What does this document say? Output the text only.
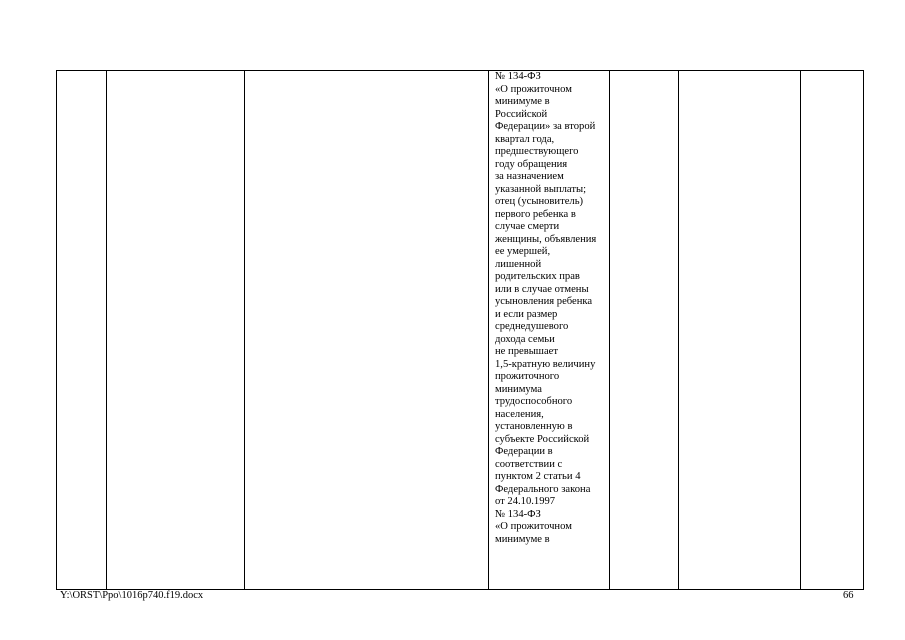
№ 134-ФЗ
«О прожиточном
минимуме в
Российской
Федерации» за второй
квартал года,
предшествующего
году обращения
за назначением
указанной выплаты;
отец (усыновитель)
первого ребенка в
случае смерти
женщины, объявления
ее умершей,
лишенной
родительских прав
или в случае отмены
усыновления ребенка
и если размер
среднедушевого
дохода семьи
не превышает
1,5-кратную величину
прожиточного
минимума
трудоспособного
населения,
установленную в
субъекте Российской
Федерации в
соответствии с
пунктом 2 статьи 4
Федерального закона
от 24.10.1997
№ 134-ФЗ
«О прожиточном
минимуме в

Y:\ORST\Ppo\1016p740.f19.docx	66
